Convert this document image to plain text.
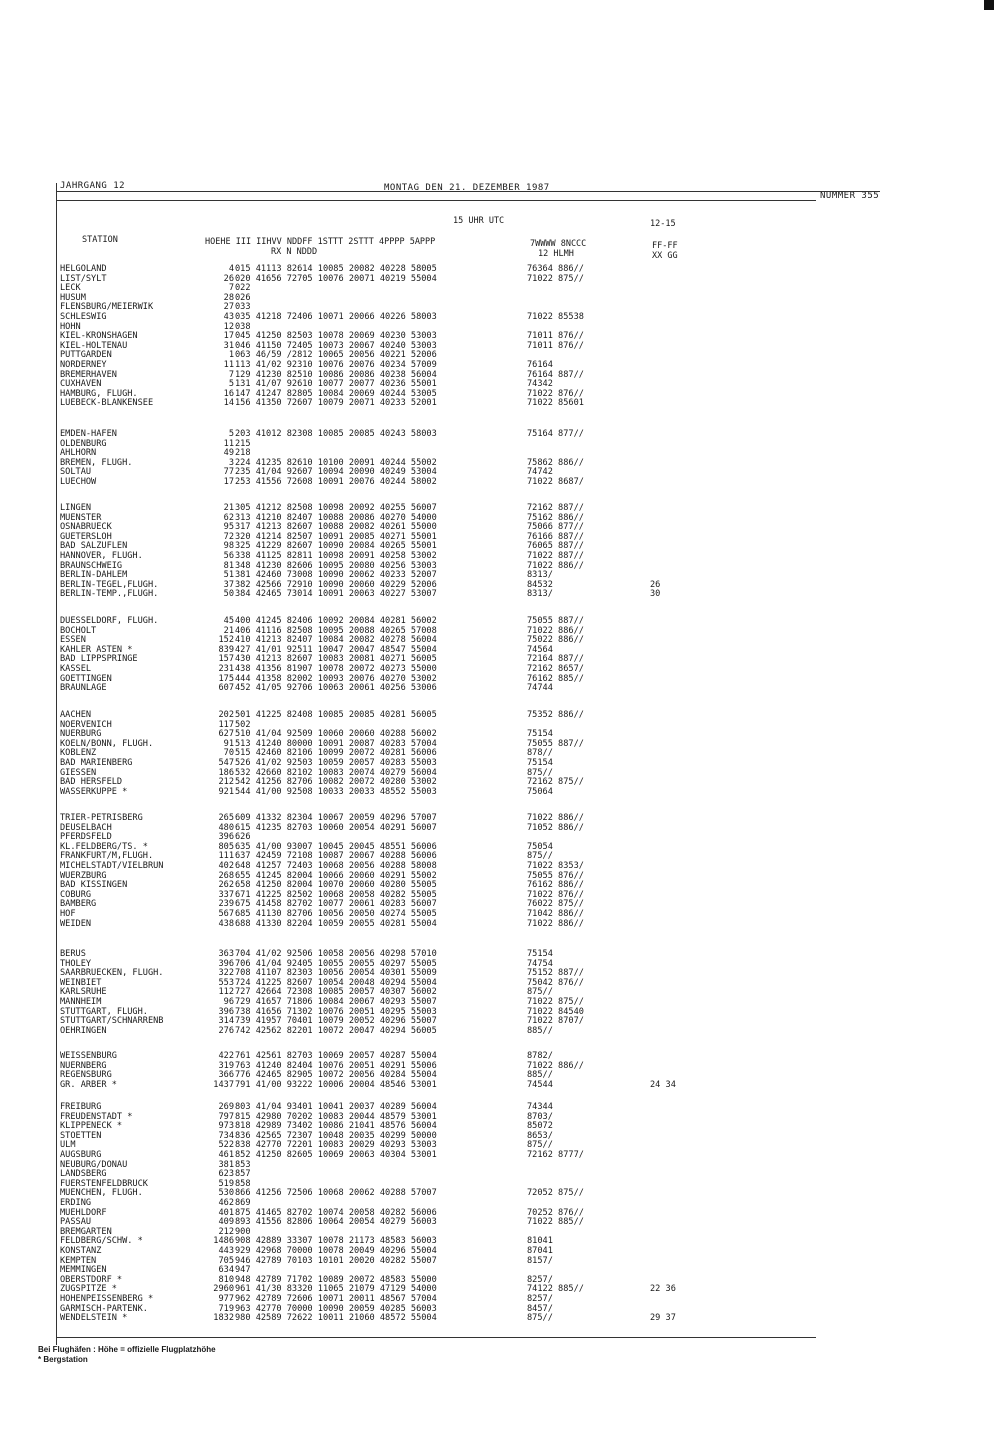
JAHRGANG 12	MONTAG DEN 21. DEZEMBER 1987
NUMMER 355
15 UHR UTC	12-15
STATION	HOEHE III IIHVV NDDFF 1STTT 2STTT 4PPPP 5APPP
RX N NDDD
7WWWW 8NCCC
12 HLMH
FF-FF
XX GG
HELGOLAND	4 015 41113 82614 10085 20082 40228 58005	76364 886//
LIST/SYLT	26 020 41656 72705 10076 20071 40219 55004	71022 875//
LECK	7 022
HUSUM	28 026
FLENSBURG/MEIERWIK	27 033
SCHLESWIG	43 035 41218 72406 10071 20066 40226 58003	71022 85538
HOHN	12 038
KIEL-KRONSHAGEN	17 045 41250 82503 10078 20069 40230 53003	71011 876//
KIEL-HOLTENAU	31 046 41150 72405 10073 20067 40240 53003	71011 876//
PUTTGARDEN	1 063 46/59 /2812 10065 20056 40221 52006
NORDERNEY	11 113 41/02 92310 10076 20076 40234 57009	76164
BREMERHAVEN	7 129 41230 82510 10086 20086 40238 56004	76164 887//
CUXHAVEN	5 131 41/07 92610 10077 20077 40236 55001	74342
HAMBURG, FLUGH.	16 147 41247 82805 10084 20069 40244 53005	71022 876//
LUEBECK-BLANKENSEE	14 156 41350 72607 10079 20071 40233 52001	71022 85601
EMDEN-HAFEN	5 203 41012 82308 10085 20085 40243 58003	75164 877//
OLDENBURG	11 215
AHLHORN	49 218
BREMEN, FLUGH.	3 224 41235 82610 10100 20091 40244 55002	75862 886//
SOLTAU	77 235 41/04 92607 10094 20090 40249 53004	74742
LUECHOW	17 253 41556 72608 10091 20076 40244 58002	71022 8687/
LINGEN	21 305 41212 82508 10098 20092 40255 56007	72162 887//
MUENSTER	62 313 41210 82407 10088 20086 40270 54000	75162 886//
OSNABRUECK	95 317 41213 82607 10088 20082 40261 55000	75066 877//
GUETERSLOH	72 320 41214 82507 10091 20085 40271 55001	76166 887//
BAD SALZUFLEN	98 325 41229 82607 10090 20084 40265 55001	76065 887//
HANNOVER, FLUGH.	56 338 41125 82811 10098 20091 40258 53002	71022 887//
BRAUNSCHWEIG	81 348 41230 82606 10095 20080 40256 53003	71022 886//
BERLIN-DAHLEM	51 381 42460 73008 10090 20062 40233 52007	8313/
BERLIN-TEGEL,FLUGH.	37 382 42566 72910 10090 20060 40229 52006	84532	26
BERLIN-TEMP.,FLUGH.	50 384 42465 73014 10091 20063 40227 53007	8313/	30
DUESSELDORF, FLUGH.	45 400 41245 82406 10092 20084 40281 56002	75055 887//
BOCHOLT	21 406 41116 82508 10095 20088 40265 57008	71022 886//
ESSEN	152 410 41213 82407 10084 20082 40278 56004	75022 886//
KAHLER ASTEN *	839 427 41/01 92511 10047 20047 48547 55004	74564
BAD LIPPSPRINGE	157 430 41213 82607 10083 20081 40271 56005	72164 887//
KASSEL	231 438 41356 81907 10078 20072 40273 55000	72162 8657/
GOETTINGEN	175 444 41358 82002 10093 20076 40270 53002	76162 885//
BRAUNLAGE	607 452 41/05 92706 10063 20061 40256 53006	74744
AACHEN	202 501 41225 82408 10085 20085 40281 56005	75352 886//
NOERVENICH	117 502
NUERBURG	627 510 41/04 92509 10060 20060 40288 56002	75154
KOELN/BONN, FLUGH.	91 513 41240 80000 10091 20087 40283 57004	75055 887//
KOBLENZ	70 515 42460 82106 10099 20072 40281 56006	878//
BAD MARIENBERG	547 526 41/02 92503 10059 20057 40283 55003	75154
GIESSEN	186 532 42660 82102 10083 20074 40279 56004	875//
BAD HERSFELD	212 542 41256 82706 10082 20072 40280 53002	72162 875//
WASSERKUPPE *	921 544 41/00 92508 10033 20033 48552 55003	75064
TRIER-PETRISBERG	265 609 41332 82304 10067 20059 40296 57007	71022 886//
DEUSELBACH	480 615 41235 82703 10060 20054 40291 56007	71052 886//
PFERDSFELD	396 626
KL.FELDBERG/TS. *	805 635 41/00 93007 10045 20045 48551 56006	75054
FRANKFURT/M,FLUGH.	111 637 42459 72108 10087 20067 40288 56006	875//
MICHELSTADT/VIELBRUN	402 648 41257 72403 10068 20056 40288 58008	71022 8353/
WUERZBURG	268 655 41245 82004 10066 20060 40291 55002	75055 876//
BAD KISSINGEN	262 658 41250 82004 10070 20060 40280 55005	76162 886//
COBURG	337 671 41225 82502 10068 20058 40282 55005	71022 876//
BAMBERG	239 675 41458 82702 10077 20061 40283 56007	76022 875//
HOF	567 685 41130 82706 10056 20050 40274 55005	71042 886//
WEIDEN	438 688 41330 82204 10059 20055 40281 55004	71022 886//
BERUS	363 704 41/02 92506 10058 20056 40298 57010	75154
THOLEY	396 706 41/04 92405 10055 20055 40297 55005	74754
SAARBRUECKEN, FLUGH.	322 708 41107 82303 10056 20054 40301 55009	75152 887//
WEINBIET	553 724 41225 82607 10054 20048 40294 55004	75042 876//
KARLSRUHE	112 727 42664 72308 10085 20057 40307 56002	875//
MANNHEIM	96 729 41657 71806 10084 20067 40293 55007	71022 875//
STUTTGART, FLUGH.	396 738 41656 71302 10076 20051 40295 55003	71022 84540
STUTTGART/SCHNARRENB	314 739 41957 70401 10079 20052 40296 55007	71022 8707/
OEHRINGEN	276 742 42562 82201 10072 20047 40294 56005	885//
WEISSENBURG	422 761 42561 82703 10069 20057 40287 55004	8782/
NUERNBERG	319 763 41240 82404 10076 20051 40291 55006	71022 886//
REGENSBURG	366 776 42465 82905 10072 20056 40284 55004	885//
GR. ARBER *	1437 791 41/00 93222 10006 20004 48546 53001	74544	24 34
FREIBURG	269 803 41/04 93401 10041 20037 40289 56004	74344
FREUDENSTADT *	797 815 42980 70202 10083 20044 48579 53001	8703/
KLIPPENECK *	973 818 42989 73402 10086 21041 48576 56004	85072
STOETTEN	734 836 42565 72307 10048 20035 40299 50000	8653/
ULM	522 838 42770 72201 10083 20029 40293 53003	875//
AUGSBURG	461 852 41250 82605 10069 20063 40304 53001	72162 8777/
NEUBURG/DONAU	381 853
LANDSBERG	623 857
FUERSTENFELDBRUCK	519 858
MUENCHEN, FLUGH.	530 866 41256 72506 10068 20062 40288 57007	72052 875//
ERDING	462 869
MUEHLDORF	401 875 41465 82702 10074 20058 40282 56006	70252 876//
PASSAU	409 893 41556 82806 10064 20054 40279 56003	71022 885//
BREMGARTEN	212 900
FELDBERG/SCHW. *	1486 908 42889 33307 10078 21173 48583 56003	81041
KONSTANZ	443 929 42968 70000 10078 20049 40296 55004	87041
KEMPTEN	705 946 42789 70103 10101 20020 40282 55007	8157/
MEMMINGEN	634 947
OBERSTDORF *	810 948 42789 71702 10089 20072 48583 55000	8257/
ZUGSPITZE *	2960 961 41/30 83320 11065 21079 47129 54000	74122 885//	22 36
HOHENPEISSENBERG *	977 962 42789 72606 10071 20011 48567 57004	8257/
GARMISCH-PARTENK.	719 963 42770 70000 10090 20059 40285 56003	8457/
WENDELSTEIN *	1832 980 42589 72622 10011 21060 48572 55004	875//	29 37
Bei Flughäfen : Höhe = offizielle Flugplatzhöhe
* Bergstation
